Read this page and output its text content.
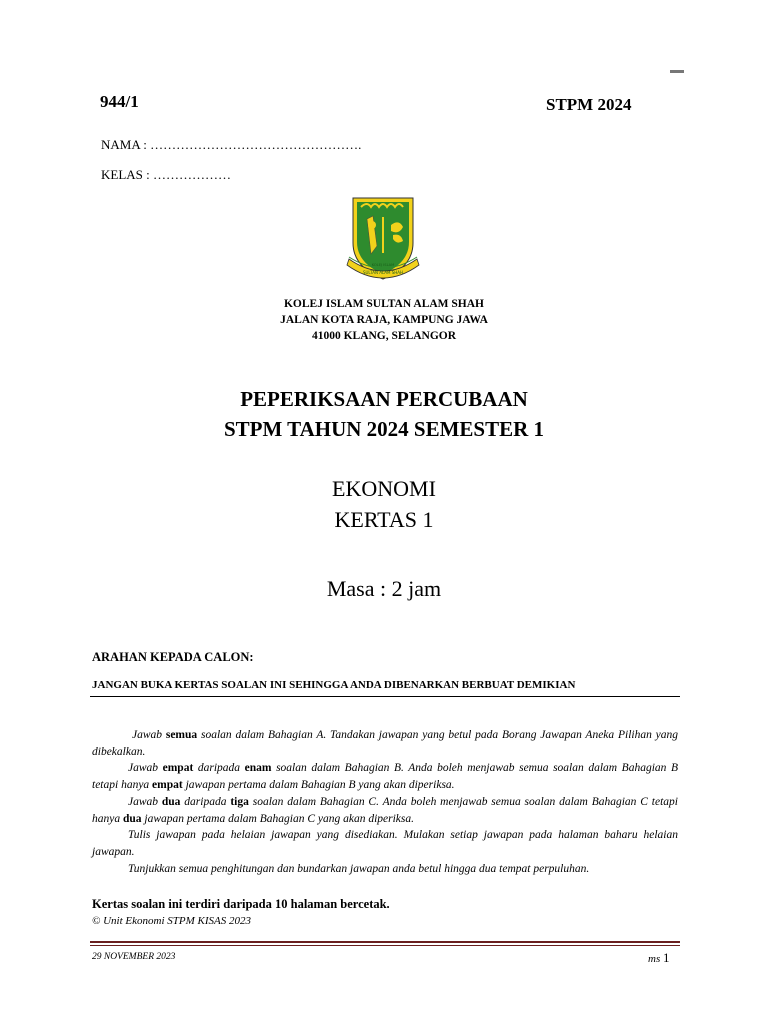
944/1	STPM 2024
NAMA : ………………………………………….
KELAS : ………………
SULTAN ALAM SHAH
KOLEJ ISLAM
KOLEJ ISLAM SULTAN ALAM SHAH
JALAN KOTA RAJA, KAMPUNG JAWA
41000 KLANG, SELANGOR
PEPERIKSAAN PERCUBAAN
STPM TAHUN 2024 SEMESTER 1
EKONOMI
KERTAS 1
Masa : 2 jam
ARAHAN KEPADA CALON:
JANGAN BUKA KERTAS SOALAN INI SEHINGGA ANDA DIBENARKAN BERBUAT DEMIKIAN

Jawab semua soalan dalam Bahagian A. Tandakan jawapan yang betul pada Borang Jawapan Aneka Pilihan yang dibekalkan.

Jawab empat daripada enam soalan dalam Bahagian B. Anda boleh menjawab semua soalan dalam Bahagian B tetapi hanya empat jawapan pertama dalam Bahagian B yang akan diperiksa.

Jawab dua daripada tiga soalan dalam Bahagian C. Anda boleh menjawab semua soalan dalam Bahagian C tetapi hanya dua jawapan pertama dalam Bahagian C yang akan diperiksa.

Tulis jawapan pada helaian jawapan yang disediakan. Mulakan setiap jawapan pada halaman baharu helaian jawapan.

Tunjukkan semua penghitungan dan bundarkan jawapan anda betul hingga dua tempat perpuluhan.

Kertas soalan ini terdiri daripada 10 halaman bercetak.
© Unit Ekonomi STPM KISAS 2023
29 NOVEMBER 2023	ms 1
